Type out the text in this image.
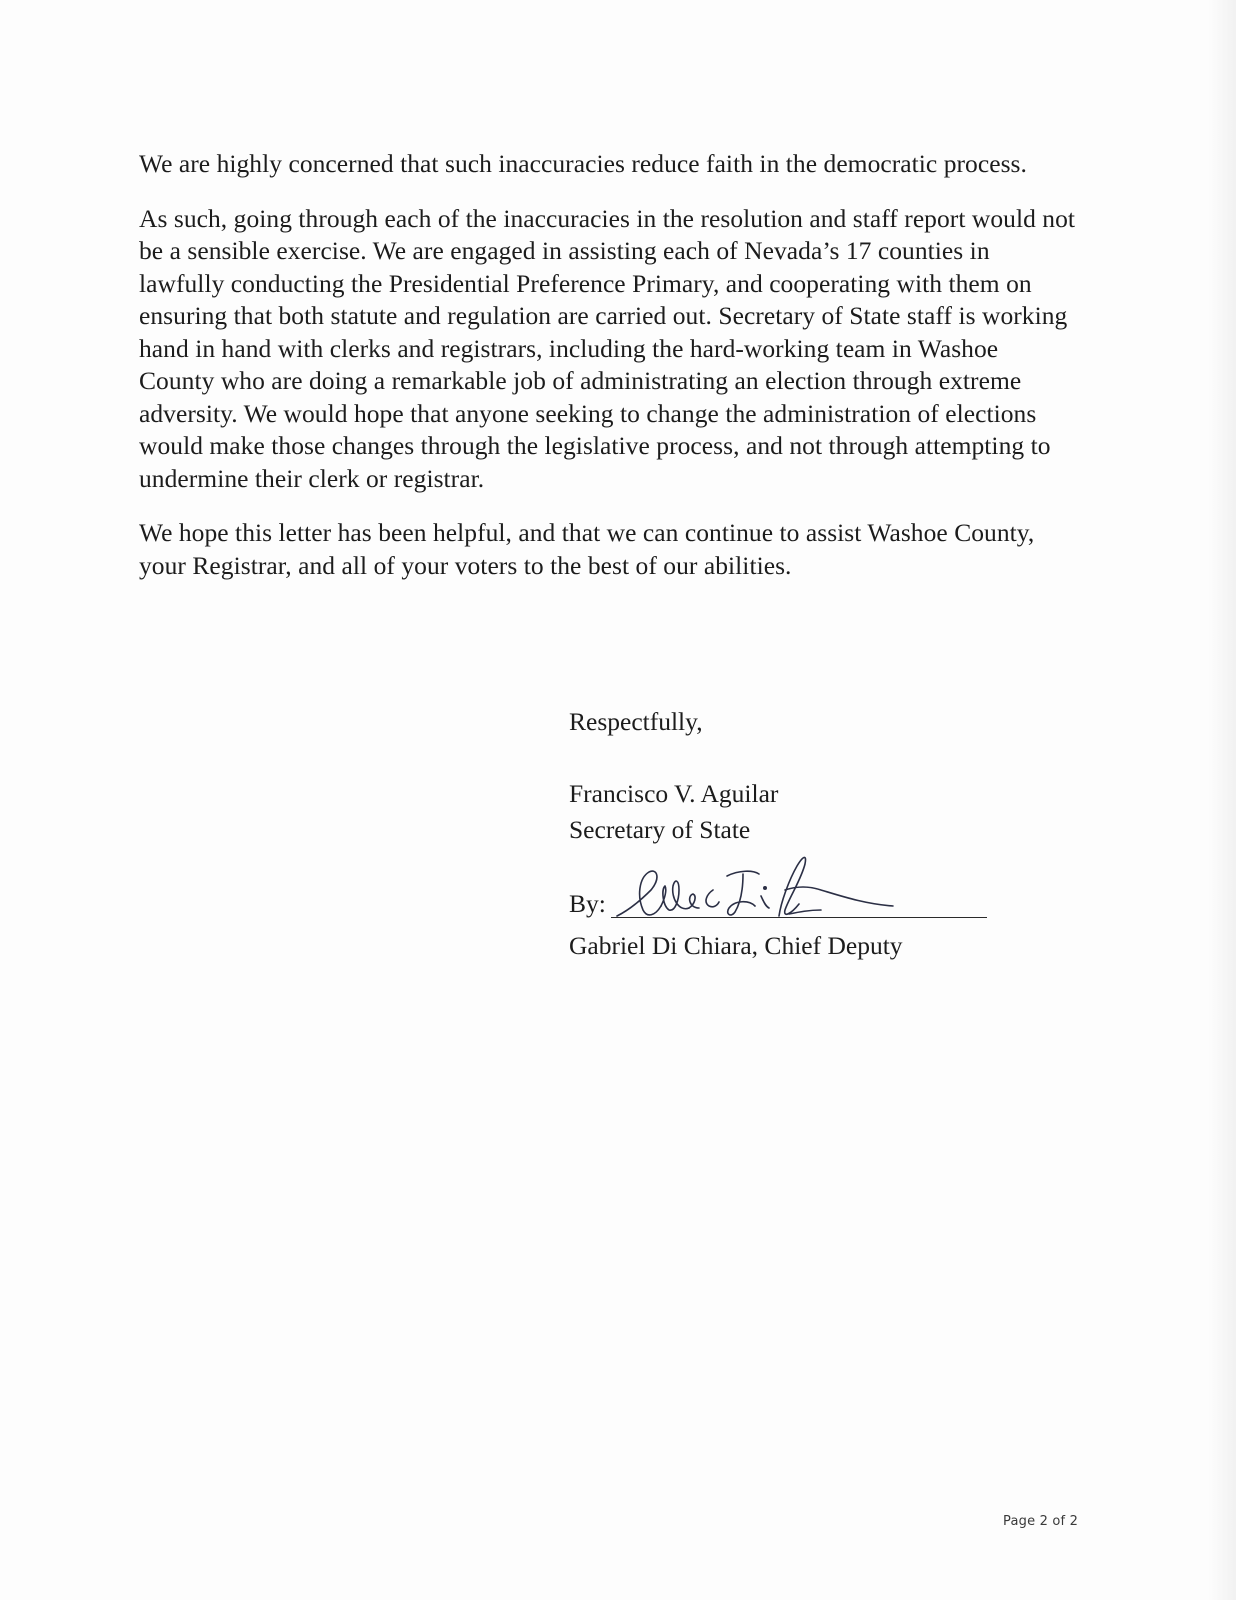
We are highly concerned that such inaccuracies reduce faith in the democratic process.

As such, going through each of the inaccuracies in the resolution and staff report would not be a sensible exercise. We are engaged in assisting each of Nevada’s 17 counties in lawfully conducting the Presidential Preference Primary, and cooperating with them on ensuring that both statute and regulation are carried out. Secretary of State staff is working hand in hand with clerks and registrars, including the hard-working team in Washoe County who are doing a remarkable job of administrating an election through extreme adversity. We would hope that anyone seeking to change the administration of elections would make those changes through the legislative process, and not through attempting to undermine their clerk or registrar.

We hope this letter has been helpful, and that we can continue to assist Washoe County, your Registrar, and all of your voters to the best of our abilities.

Respectfully,

Francisco V. Aguilar

Secretary of State

By:

Gabriel Di Chiara, Chief Deputy

Page 2 of 2
